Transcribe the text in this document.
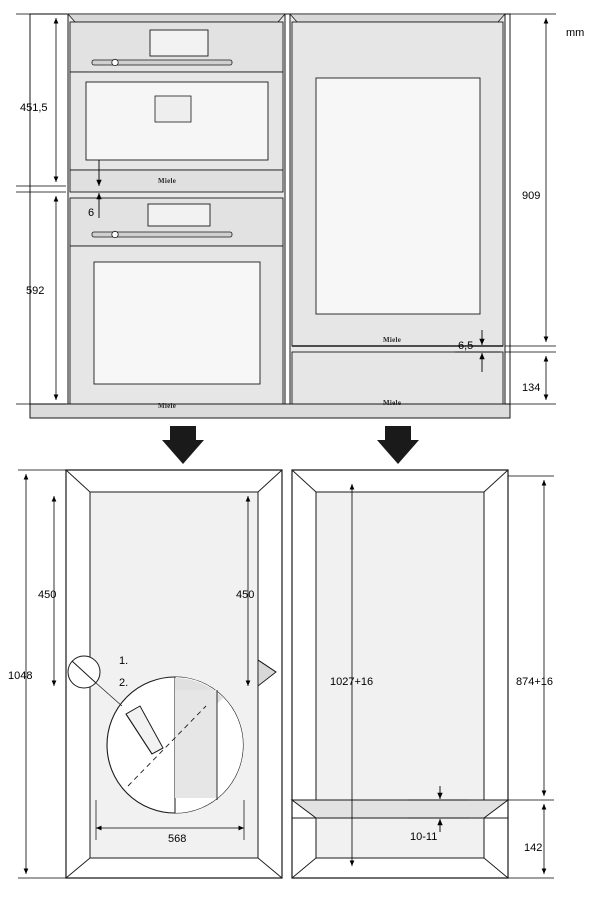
mm
Miele
Miele
Miele
Miele
451,5
6
592
909
6,5
134
450	450
1048	1027+16	874+16
568	10-11
142
1.
2.
